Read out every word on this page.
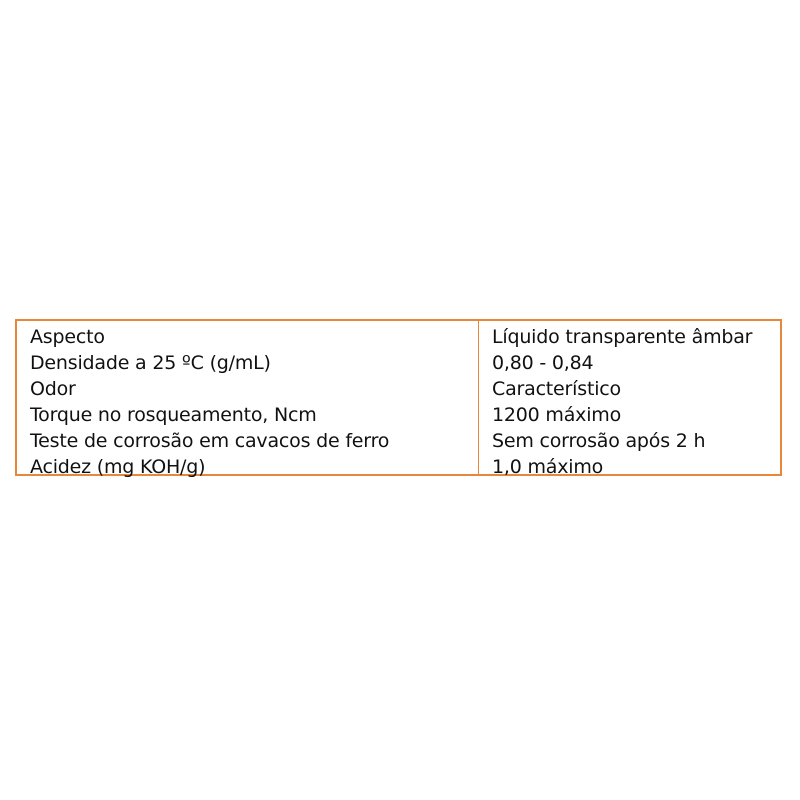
Aspecto
Densidade a 25 ºC (g/mL)
Odor
Torque no rosqueamento, Ncm
Teste de corrosão em cavacos de ferro
Acidez (mg KOH/g)
Líquido transparente âmbar
0,80 - 0,84
Característico
1200 máximo
Sem corrosão após 2 h
1,0 máximo
